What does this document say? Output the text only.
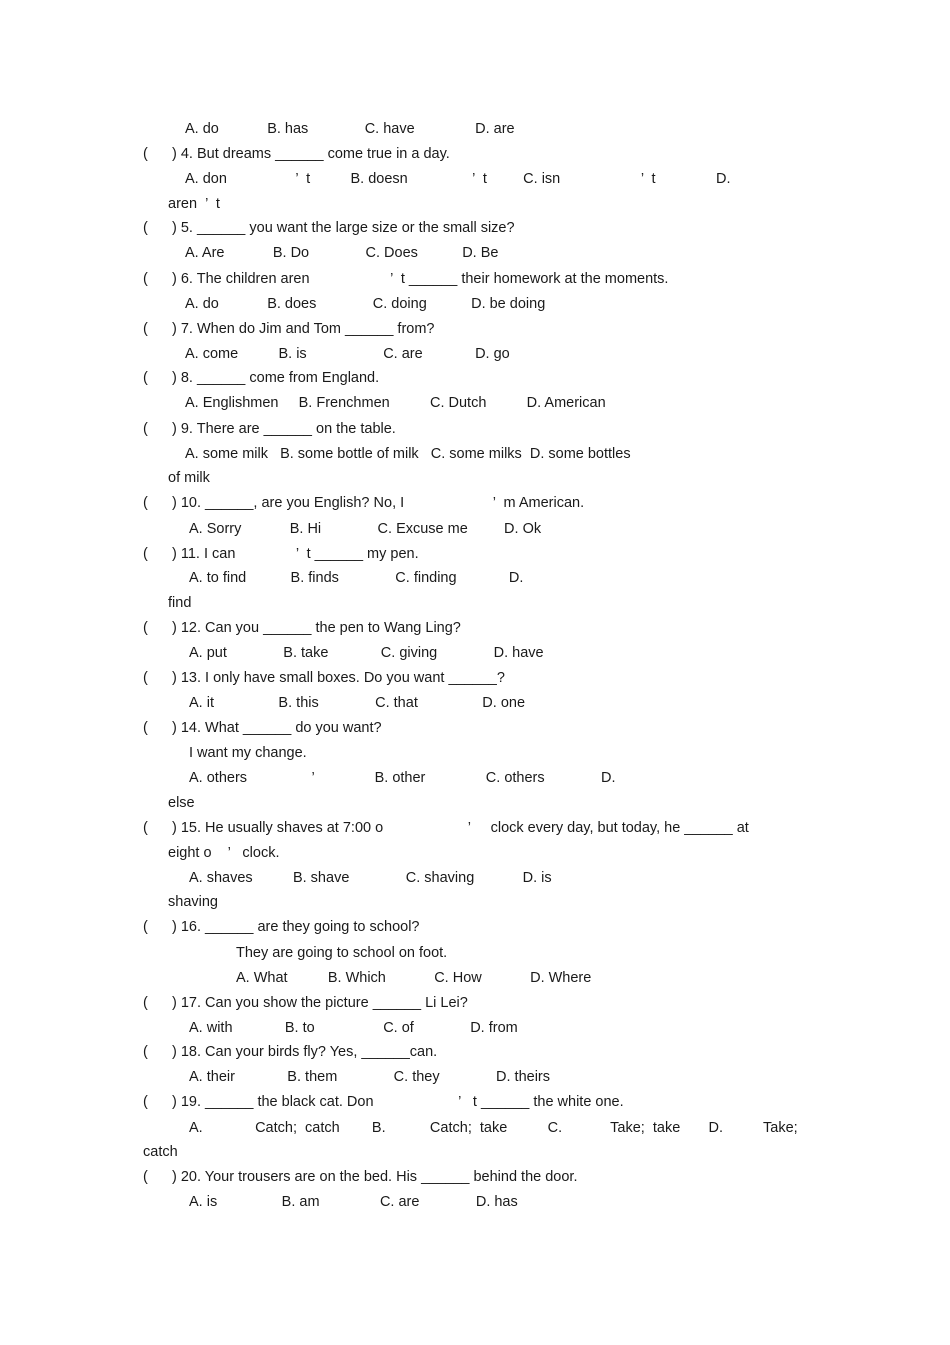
A. do            B. has              C. have               D. are
(      ) 4. But dreams ______ come true in a day.
A. don                 ’  t          B. doesn                ’  t         C. isn                    ’  t               D.
aren  ’  t
(      ) 5. ______ you want the large size or the small size?
A. Are            B. Do              C. Does           D. Be
(      ) 6. The children aren                    ’  t ______ their homework at the moments.
A. do            B. does              C. doing           D. be doing
(      ) 7. When do Jim and Tom ______ from?
A. come          B. is                   C. are             D. go
(      ) 8. ______ come from England.
A. Englishmen     B. Frenchmen          C. Dutch          D. American
(      ) 9. There are ______ on the table.
A. some milk   B. some bottle of milk   C. some milks  D. some bottles
of milk
(      ) 10. ______, are you English? No, I                      ’  m American.
A. Sorry            B. Hi              C. Excuse me         D. Ok
(      ) 11. I can               ’  t ______ my pen.
A. to find           B. finds              C. finding             D.
find
(      ) 12. Can you ______ the pen to Wang Ling?
A. put              B. take             C. giving              D. have
(      ) 13. I only have small boxes. Do you want ______?
A. it                B. this              C. that                D. one
(      ) 14. What ______ do you want?
I want my change.
A. others                ’               B. other               C. others              D.
else
(      ) 15. He usually shaves at 7:00 o                     ’     clock every day, but today, he ______ at
eight o    ’   clock.
A. shaves          B. shave              C. shaving            D. is
shaving
(      ) 16. ______ are they going to school?
They are going to school on foot.
A. What          B. Which            C. How            D. Where
(      ) 17. Can you show the picture ______ Li Lei?
A. with             B. to                 C. of              D. from
(      ) 18. Can your birds fly? Yes, ______can.
A. their             B. them              C. they              D. theirs
(      ) 19. ______ the black cat. Don                     ’   t ______ the white one.
A.             Catch;  catch        B.           Catch;  take          C.            Take;  take       D.          Take;
catch
(      ) 20. Your trousers are on the bed. His ______ behind the door.
A. is                B. am               C. are              D. has
